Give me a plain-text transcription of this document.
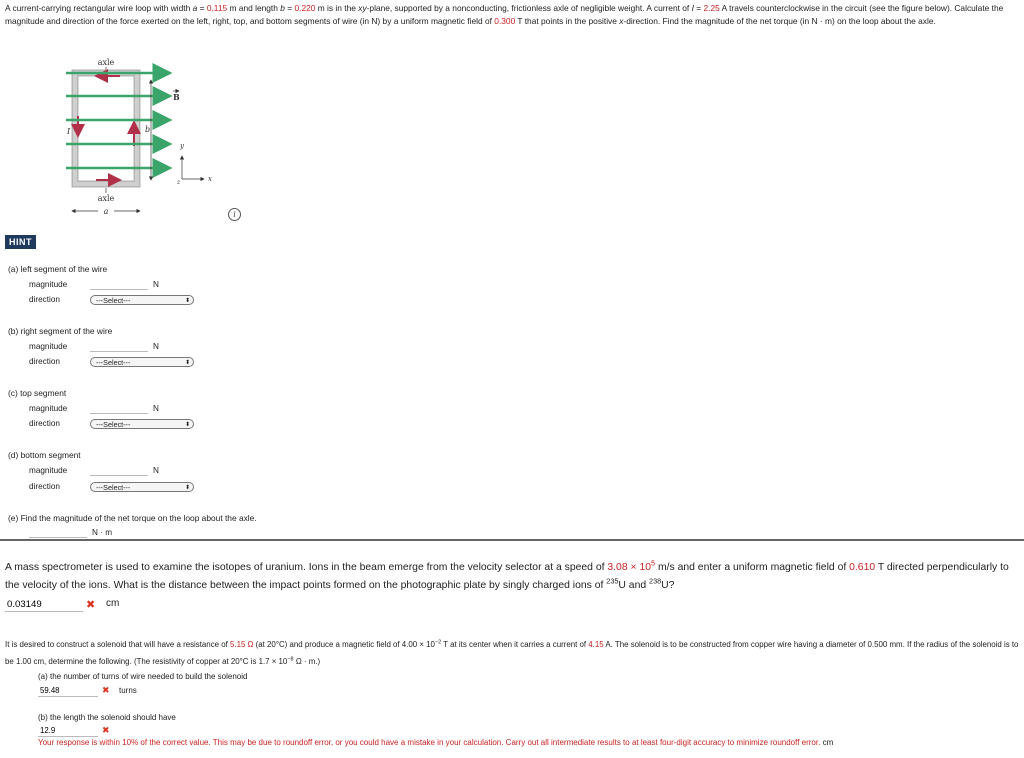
A current-carrying rectangular wire loop with width a = 0.115 m and length b = 0.220 m is in the xy-plane, supported by a nonconducting, frictionless axle of negligible weight. A current of I = 2.25 A travels counterclockwise in the circuit (see the figure below). Calculate the magnitude and direction of the force exerted on the left, right, top, and bottom segments of wire (in N) by a uniform magnetic field of 0.300 T that points in the positive x-direction. Find the magnitude of the net torque (in N · m) on the loop about the axle.
axle
B
I	b
axle
a
y
x
z
i
HINT
(a) left segment of the wire
magnitude	N
direction	---Select---	⬍
(b) right segment of the wire
magnitude	N
direction	---Select---	⬍
(c) top segment
magnitude	N
direction	---Select---	⬍
(d) bottom segment
magnitude	N
direction	---Select---	⬍
(e) Find the magnitude of the net torque on the loop about the axle.
N · m
A mass spectrometer is used to examine the isotopes of uranium. Ions in the beam emerge from the velocity selector at a speed of $3.08 \times 10^5$ m/s and enter a uniform magnetic field of 0.610 T directed perpendicularly to the velocity of the ions. What is the distance between the impact points formed on the photographic plate by singly charged ions of $^{235}$U and $^{238}$U?
0.03149
✖ cm
It is desired to construct a solenoid that will have a resistance of 5.15 Ω (at 20°C) and produce a magnetic field of $4.00 \times 10^{-2}$ T at its center when it carries a current of 4.15 A. The solenoid is to be constructed from copper wire having a diameter of 0.500 mm. If the radius of the solenoid is to be 1.00 cm, determine the following. (The resistivity of copper at 20°C is $1.7 \times 10^{-8}$ Ω · m.)
(a) the number of turns of wire needed to build the solenoid
59.48
✖ turns
(b) the length the solenoid should have
12.9
✖
Your response is within 10% of the correct value. This may be due to roundoff error, or you could have a mistake in your calculation. Carry out all intermediate results to at least four-digit accuracy to minimize roundoff error. cm
